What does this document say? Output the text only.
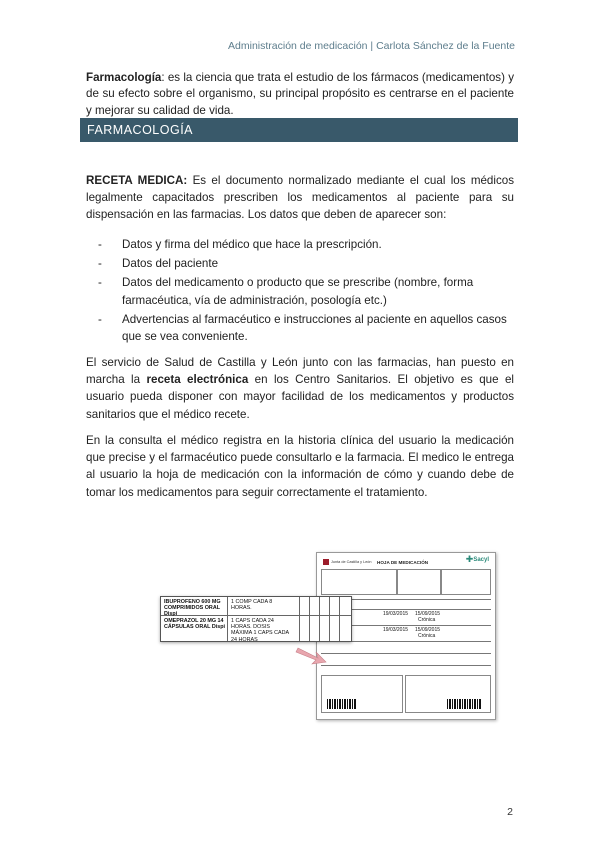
Administración de medicación | Carlota Sánchez de la Fuente
Farmacología: es la ciencia que trata el estudio de los fármacos (medicamentos) y de su efecto sobre el organismo, su principal propósito es centrarse en el paciente y mejorar su calidad de vida.
FARMACOLOGÍA
RECETA MEDICA: Es el documento normalizado mediante el cual los médicos legalmente capacitados prescriben los medicamentos al paciente para su dispensación en las farmacias. Los datos que deben de aparecer son:
- Datos y firma del médico que hace la prescripción.
- Datos del paciente
- Datos del medicamento o producto que se prescribe (nombre, forma farmacéutica, vía de administración, posología etc.)
- Advertencias al farmacéutico e instrucciones al paciente en aquellos casos que se vea conveniente.
El servicio de Salud de Castilla y León junto con las farmacias, han puesto en marcha la receta electrónica en los Centro Sanitarios. El objetivo es que el usuario pueda disponer con mayor facilidad de los medicamentos y productos sanitarios que el médico recete.
En la consulta el médico registra en la historia clínica del usuario la medicación que precise y el farmacéutico puede consultarlo e la farmacia. El medico le entrega al usuario la hoja de medicación con la información de cómo y cuando debe de tomar los medicamentos para seguir correctamente el tratamiento.
Junta de Castilla y León HOJA DE MEDICACIÓN	✚Sacyl
19/03/2015 15/09/2015
Crónica
19/03/2015 15/09/2015
Crónica
IBUPROFENO 600 MG COMPRIMIDOS ORAL Dispi
1 COMP CADA 8 HORAS.
OMEPRAZOL 20 MG 14 CÁPSULAS ORAL Dispi
1 CAPS CADA 24 HORAS. DOSIS MÁXIMA 1 CAPS CADA 24 HORAS
2
